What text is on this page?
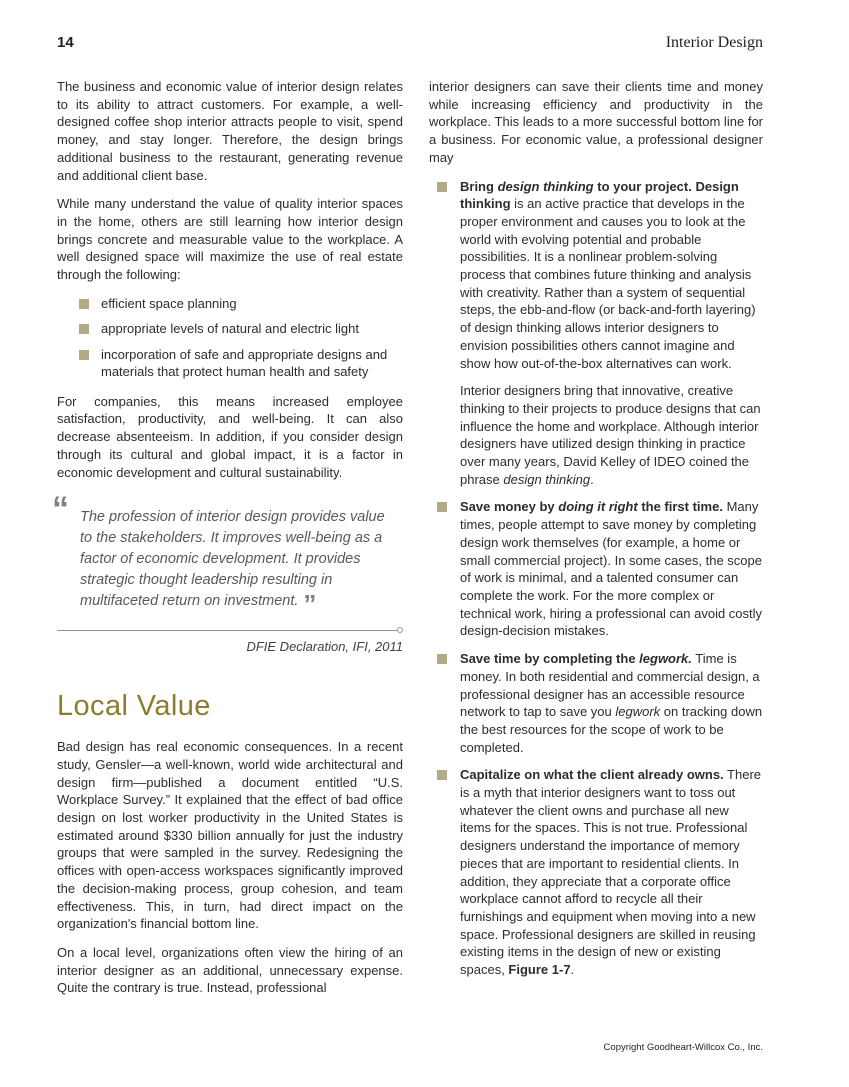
14	Interior Design

The business and economic value of interior design relates to its ability to attract customers. For example, a well-designed coffee shop interior attracts people to visit, spend money, and stay longer. Therefore, the design brings additional business to the restaurant, generating revenue and additional client base.

While many understand the value of quality interior spaces in the home, others are still learning how interior design brings concrete and measurable value to the workplace. A well designed space will maximize the use of real estate through the following:

efficient space planning
appropriate levels of natural and electric light
incorporation of safe and appropriate designs and materials that protect human health and safety

For companies, this means increased employee satisfaction, productivity, and well-being. It can also decrease absenteeism. In addition, if you consider design through its cultural and global impact, it is a factor in economic development and cultural sustainability.

“ The profession of interior design provides value to the stakeholders. It improves well-being as a factor of economic development. It provides strategic thought leadership resulting in multifaceted return on investment. ”
DFIE Declaration, IFI, 2011
Local Value

Bad design has real economic consequences. In a recent study, Gensler—a well-known, world wide architectural and design firm—published a document entitled “U.S. Workplace Survey.” It explained that the effect of bad office design on lost worker productivity in the United States is estimated around $330 billion annually for just the industry groups that were sampled in the survey. Redesigning the offices with open-access workspaces significantly improved the decision-making process, group cohesion, and team effectiveness. This, in turn, had direct impact on the organization's financial bottom line.

On a local level, organizations often view the hiring of an interior designer as an additional, unnecessary expense. Quite the contrary is true. Instead, professional

interior designers can save their clients time and money while increasing efficiency and productivity in the workplace. This leads to a more successful bottom line for a business. For economic value, a professional designer may

Bring design thinking to your project. Design thinking is an active practice that develops in the proper environment and causes you to look at the world with evolving potential and probable possibilities. It is a nonlinear problem-solving process that combines future thinking and analysis with creativity. Rather than a system of sequential steps, the ebb-and-flow (or back-and-forth layering) of design thinking allows interior designers to envision possibilities others cannot imagine and show how out-of-the-box alternatives can work.

Interior designers bring that innovative, creative thinking to their projects to produce designs that can influence the home and workplace. Although interior designers have utilized design thinking in practice over many years, David Kelley of IDEO coined the phrase design thinking.

Save money by doing it right the first time. Many times, people attempt to save money by completing design work themselves (for example, a home or small commercial project). In some cases, the scope of work is minimal, and a talented consumer can complete the work. For the more complex or technical work, hiring a professional can avoid costly design-decision mistakes.
Save time by completing the legwork. Time is money. In both residential and commercial design, a professional designer has an accessible resource network to tap to save you legwork on tracking down the best resources for the scope of work to be completed.
Capitalize on what the client already owns. There is a myth that interior designers want to toss out whatever the client owns and purchase all new items for the spaces. This is not true. Professional designers understand the importance of memory pieces that are important to residential clients. In addition, they appreciate that a corporate office workplace cannot afford to recycle all their furnishings and equipment when moving into a new space. Professional designers are skilled in reusing existing items in the design of new or existing spaces, Figure 1-7.
Copyright Goodheart-Willcox Co., Inc.
